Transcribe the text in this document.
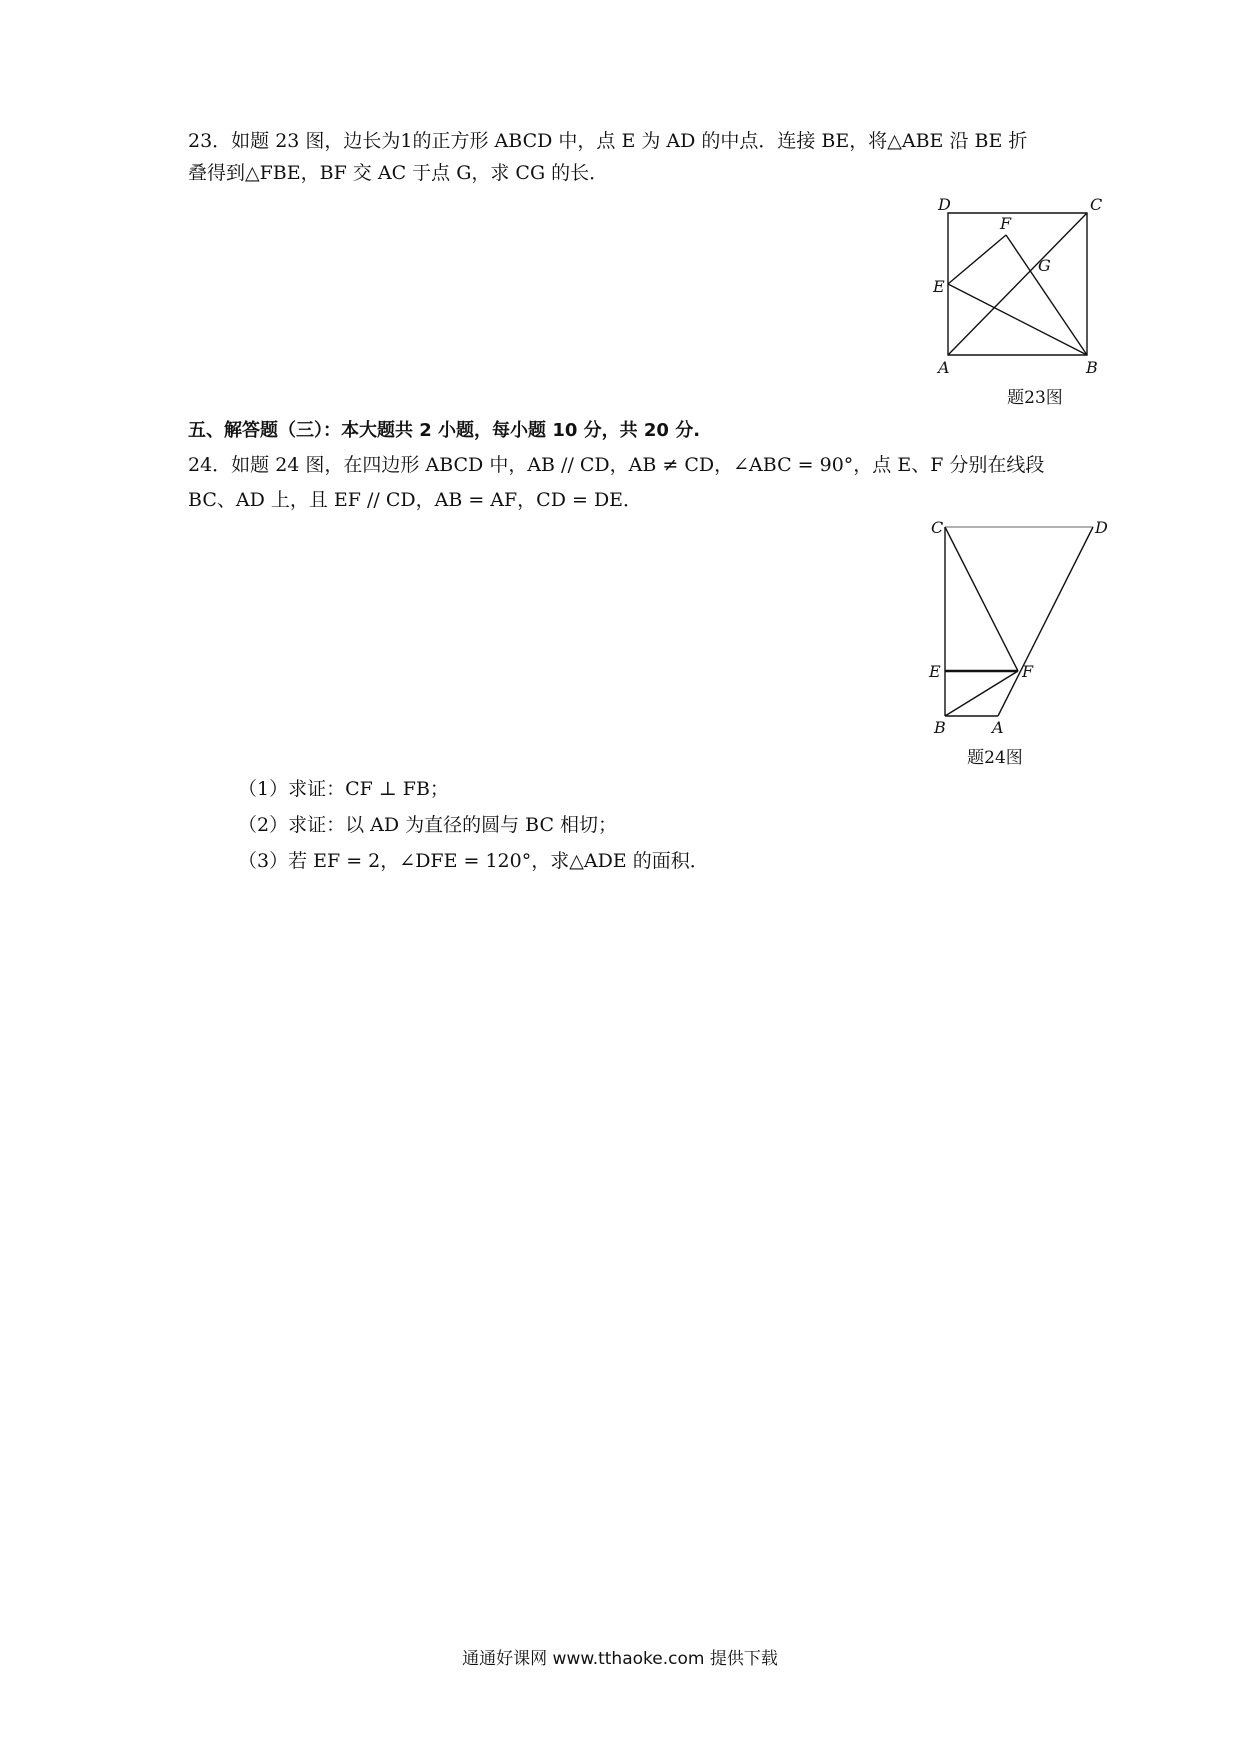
23．如题 23 图，边长为1的正方形 ABCD 中，点 E 为 AD 的中点．连接 BE，将△ABE 沿 BE 折
叠得到△FBE，BF 交 AC 于点 G，求 CG 的长．
D	C
F
G
E
A	B
题23图
五、解答题（三）：本大题共 2 小题，每小题 10 分，共 20 分.
24．如题 24 图，在四边形 ABCD 中，AB // CD，AB ≠ CD，∠ABC = 90°，点 E、F 分别在线段
BC、AD 上，且 EF // CD，AB = AF，CD = DE．
C	D
E	F
B	A
题24图
（1）求证：CF ⊥ FB；
（2）求证：以 AD 为直径的圆与 BC 相切；
（3）若 EF = 2，∠DFE = 120°，求△ADE 的面积．
通通好课网 www.tthaoke.com 提供下载
